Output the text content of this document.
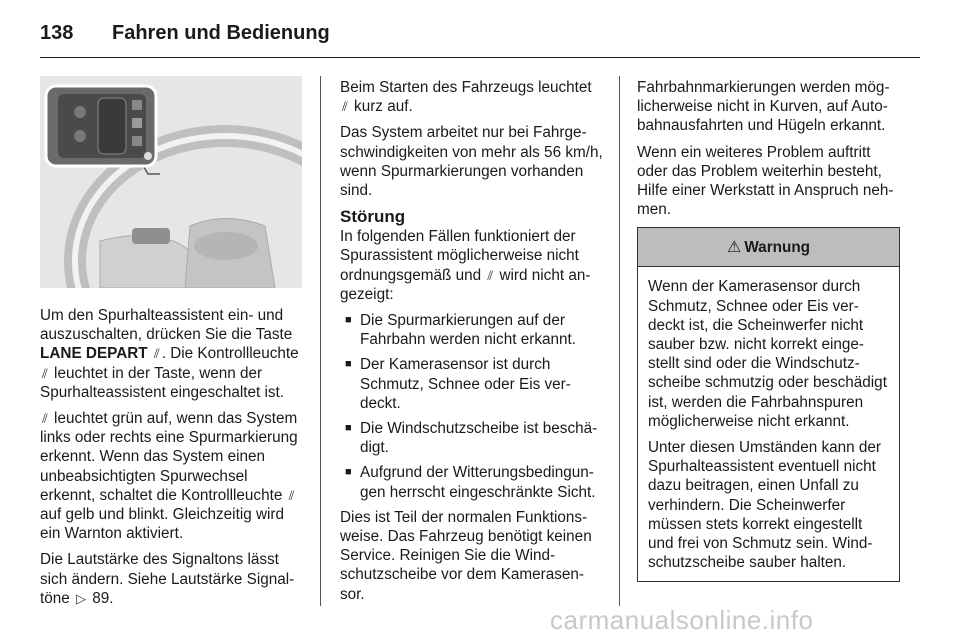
138	Fahren und Bedienung

Um den Spurhalteassistent ein- und auszuschalten, drücken Sie die Taste LANE DEPART ⫽ . Die Kontrollleuchte ⫽ leuchtet in der Taste, wenn der Spurhalteassistent eingeschaltet ist.

⫽ leuchtet grün auf, wenn das System links oder rechts eine Spurmarkierung erkennt. Wenn das System einen unbeabsichtigten Spurwechsel erkennt, schaltet die Kontrollleuchte ⫽ auf gelb und blinkt. Gleichzeitig wird ein Warnton aktiviert.

Die Lautstärke des Signaltons lässt sich ändern. Siehe Lautstärke Signaltöne ▷ 89.

Beim Starten des Fahrzeugs leuchtet ⫽ kurz auf.

Das System arbeitet nur bei Fahrgeschwindigkeiten von mehr als 56 km/h, wenn Spurmarkierungen vorhanden sind.

Störung

In folgenden Fällen funktioniert der Spurassistent möglicherweise nicht ordnungsgemäß und ⫽ wird nicht angezeigt:

■ Die Spurmarkierungen auf der Fahrbahn werden nicht erkannt.
■ Der Kamerasensor ist durch Schmutz, Schnee oder Eis verdeckt.
■ Die Windschutzscheibe ist beschädigt.
■ Aufgrund der Witterungsbedingungen herrscht eingeschränkte Sicht.

Dies ist Teil der normalen Funktionsweise. Das Fahrzeug benötigt keinen Service. Reinigen Sie die Windschutzscheibe vor dem Kamerasensor.

Fahrbahnmarkierungen werden möglicherweise nicht in Kurven, auf Autobahnausfahrten und Hügeln erkannt.

Wenn ein weiteres Problem auftritt oder das Problem weiterhin besteht, Hilfe einer Werkstatt in Anspruch nehmen.

⚠ Warnung

Wenn der Kamerasensor durch Schmutz, Schnee oder Eis verdeckt ist, die Scheinwerfer nicht sauber bzw. nicht korrekt eingestellt sind oder die Windschutzscheibe schmutzig oder beschädigt ist, werden die Fahrbahnspuren möglicherweise nicht erkannt.

Unter diesen Umständen kann der Spurhalteassistent eventuell nicht dazu beitragen, einen Unfall zu verhindern. Die Scheinwerfer müssen stets korrekt eingestellt und frei von Schmutz sein. Windschutzscheibe sauber halten.

carmanualsonline.info
